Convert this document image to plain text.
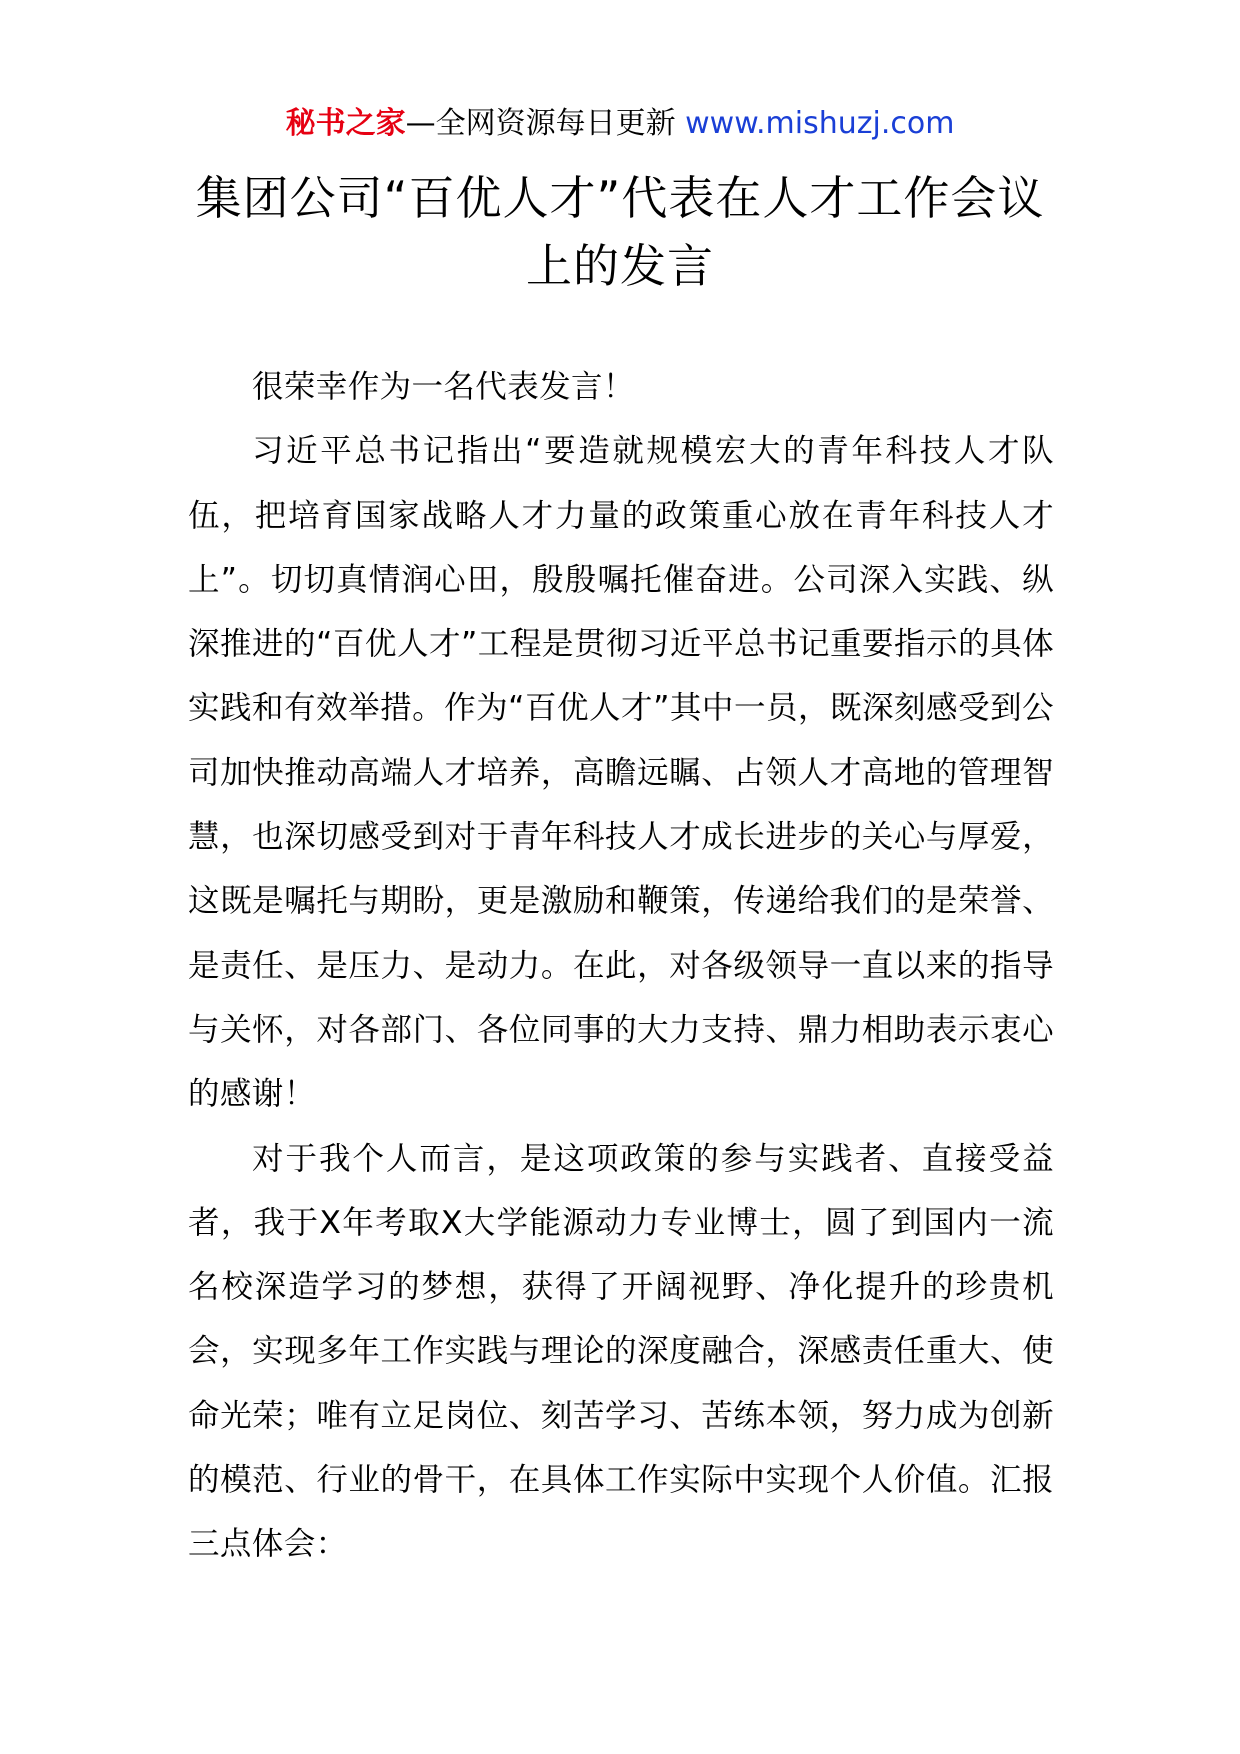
秘书之家—全网资源每日更新 www.mishuzj.com
集团公司“百优人才”代表在人才工作会议上的发言

很荣幸作为一名代表发言！

习近平总书记指出“要造就规模宏大的青年科技人才队伍，把培育国家战略人才力量的政策重心放在青年科技人才上”。切切真情润心田，殷殷嘱托催奋进。公司深入实践、纵深推进的“百优人才”工程是贯彻习近平总书记重要指示的具体实践和有效举措。作为“百优人才”其中一员，既深刻感受到公司加快推动高端人才培养，高瞻远瞩、占领人才高地的管理智慧，也深切感受到对于青年科技人才成长进步的关心与厚爱，这既是嘱托与期盼，更是激励和鞭策，传递给我们的是荣誉、是责任、是压力、是动力。在此，对各级领导一直以来的指导与关怀，对各部门、各位同事的大力支持、鼎力相助表示衷心的感谢！

对于我个人而言，是这项政策的参与实践者、直接受益者，我于X年考取X大学能源动力专业博士，圆了到国内一流名校深造学习的梦想，获得了开阔视野、净化提升的珍贵机会，实现多年工作实践与理论的深度融合，深感责任重大、使命光荣；唯有立足岗位、刻苦学习、苦练本领，努力成为创新的模范、行业的骨干，在具体工作实际中实现个人价值。汇报三点体会：
